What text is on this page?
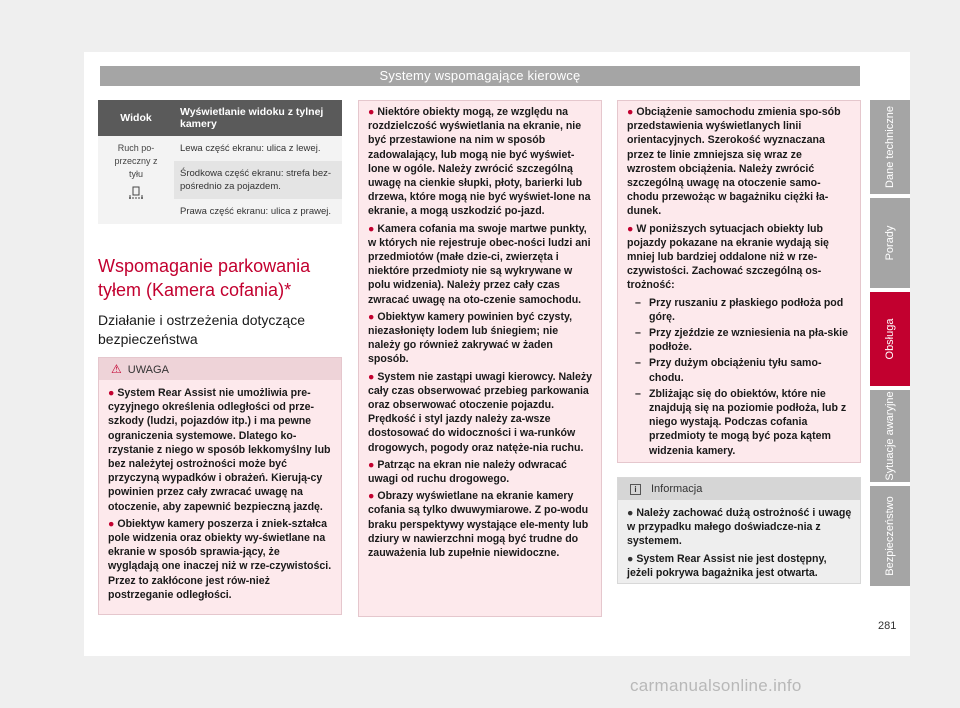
Systemy wspomagające kierowcę
Widok	Wyświetlanie widoku z tylnej kamery

Ruch po-
przeczny z
tyłu	Lewa część ekranu: ulica z lewej.
	Środkowa część ekranu: strefa bez-pośrednio za pojazdem.
	Prawa część ekranu: ulica z prawej.
Wspomaganie parkowania tyłem (Kamera cofania)*
Działanie i ostrzeżenia dotyczące bezpieczeństwa
⚠ UWAGA
● System Rear Assist nie umożliwia pre-cyzyjnego określenia odległości od prze-szkody (ludzi, pojazdów itp.) i ma pewne ograniczenia systemowe. Dlatego ko-rzystanie z niego w sposób lekkomyślny lub bez należytej ostrożności może być przyczyną wypadków i obrażeń. Kierują-cy powinien przez cały zwracać uwagę na otoczenie, aby zapewnić bezpieczną jazdę.
● Obiektyw kamery poszerza i zniek-ształca pole widzenia oraz obiekty wy-świetlane na ekranie w sposób sprawia-jący, że wyglądają one inaczej niż w rze-czywistości. Przez to zakłócone jest rów-nież postrzeganie odległości.
● Niektóre obiekty mogą, ze względu na rozdzielczość wyświetlania na ekranie, nie być przestawione na nim w sposób zadowalający, lub mogą nie być wyświet-lone w ogóle. Należy zwrócić szczególną uwagę na cienkie słupki, płoty, barierki lub drzewa, które mogą nie być wyświet-lone na ekranie, a mogą uszkodzić po-jazd.
● Kamera cofania ma swoje martwe punkty, w których nie rejestruje obec-ności ludzi ani przedmiotów (małe dzie-ci, zwierzęta i niektóre przedmioty nie są wykrywane w polu widzenia). Należy przez cały czas zwracać uwagę na oto-czenie samochodu.
● Obiektyw kamery powinien być czysty, niezasłonięty lodem lub śniegiem; nie należy go również zakrywać w żaden sposób.
● System nie zastąpi uwagi kierowcy. Należy cały czas obserwować przebieg parkowania oraz obserwować otoczenie pojazdu. Prędkość i styl jazdy należy za-wsze dostosować do widoczności i wa-runków drogowych, pogody oraz natęże-nia ruchu.
● Patrząc na ekran nie należy odwracać uwagi od ruchu drogowego.
● Obrazy wyświetlane na ekranie kamery cofania są tylko dwuwymiarowe. Z po-wodu braku perspektywy wystające ele-menty lub dziury w nawierzchni mogą być trudne do zauważenia lub zupełnie niewidoczne.
● Obciążenie samochodu zmienia spo-sób przedstawienia wyświetlanych linii orientacyjnych. Szerokość wyznaczana przez te linie zmniejsza się wraz ze wzrostem obciążenia. Należy zwrócić szczególną uwagę na otoczenie samo-chodu przewożąc w bagażniku ciężki ła-dunek.
● W poniższych sytuacjach obiekty lub pojazdy pokazane na ekranie wydają się mniej lub bardziej oddalone niż w rze-czywistości. Zachować szczególną os-trożność:
– Przy ruszaniu z płaskiego podłoża pod górę.
– Przy zjeździe ze wzniesienia na pła-skie podłoże.
– Przy dużym obciążeniu tyłu samo-chodu.
– Zbliżając się do obiektów, które nie znajdują się na poziomie podłoża, lub z niego wystają. Podczas cofania przedmioty te mogą być poza kątem widzenia kamery.
i Informacja
● Należy zachować dużą ostrożność i uwagę w przypadku małego doświadcze-nia z systemem.
● System Rear Assist nie jest dostępny, jeżeli pokrywa bagażnika jest otwarta.
Dane techniczne
Porady
Obsługa
Sytuacje awaryjne
Bezpieczeństwo
281
carmanualsonline.info
